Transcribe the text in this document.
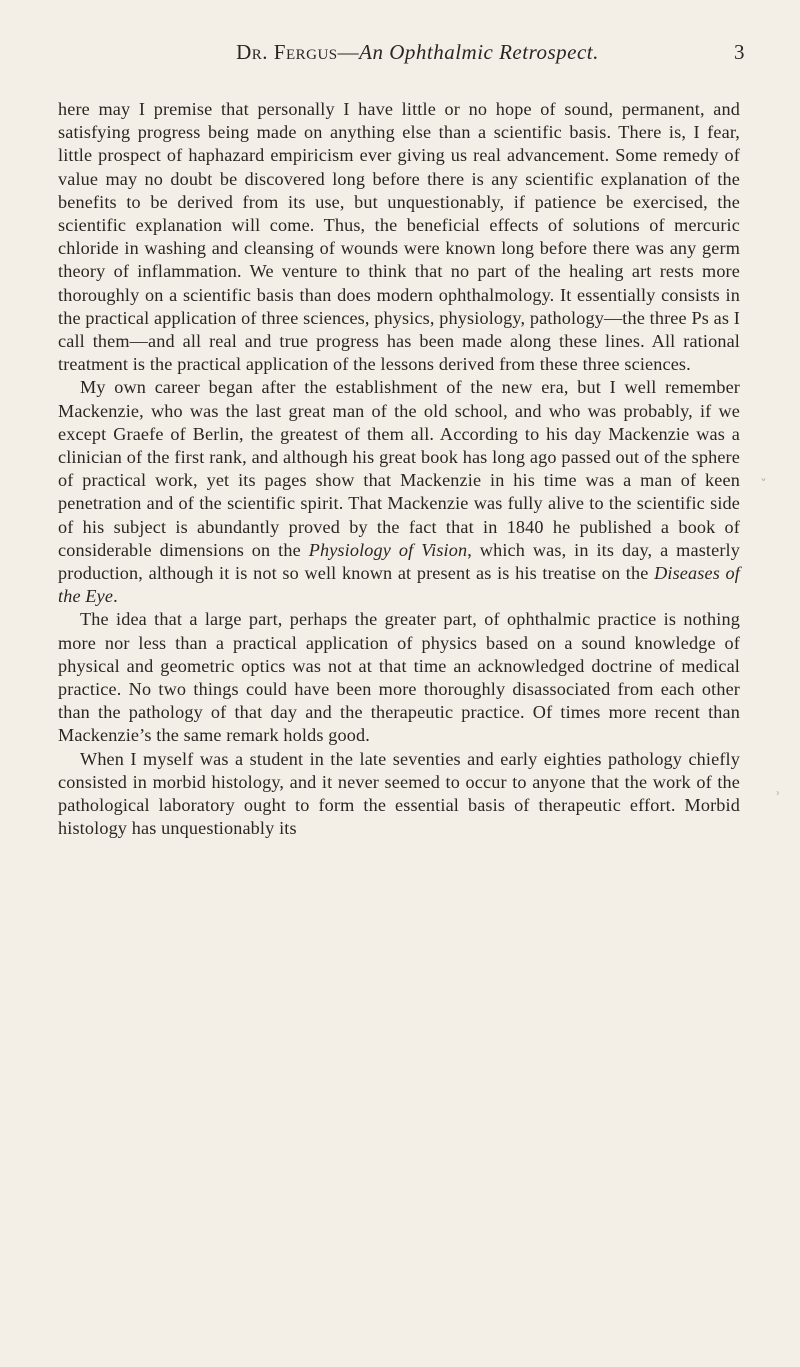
Dr. Fergus—An Ophthalmic Retrospect.	3

here may I premise that personally I have little or no hope of sound, permanent, and satisfying progress being made on anything else than a scientific basis. There is, I fear, little prospect of haphazard empiricism ever giving us real advancement. Some remedy of value may no doubt be discovered long before there is any scientific explanation of the benefits to be derived from its use, but unquestionably, if patience be exercised, the scientific explanation will come. Thus, the beneficial effects of solutions of mercuric chloride in washing and cleansing of wounds were known long before there was any germ theory of inflammation. We venture to think that no part of the healing art rests more thoroughly on a scientific basis than does modern ophthalmology. It essentially consists in the practical application of three sciences, physics, physiology, pathology—the three Ps as I call them—and all real and true progress has been made along these lines. All rational treatment is the practical application of the lessons derived from these three sciences.

My own career began after the establishment of the new era, but I well remember Mackenzie, who was the last great man of the old school, and who was probably, if we except Graefe of Berlin, the greatest of them all. According to his day Mackenzie was a clinician of the first rank, and although his great book has long ago passed out of the sphere of practical work, yet its pages show that Mackenzie in his time was a man of keen penetration and of the scientific spirit. That Mackenzie was fully alive to the scientific side of his subject is abundantly proved by the fact that in 1840 he published a book of considerable dimensions on the Physiology of Vision, which was, in its day, a masterly production, although it is not so well known at present as is his treatise on the Diseases of the Eye.

The idea that a large part, perhaps the greater part, of ophthalmic practice is nothing more nor less than a practical application of physics based on a sound knowledge of physical and geometric optics was not at that time an acknowledged doctrine of medical practice. No two things could have been more thoroughly disassociated from each other than the pathology of that day and the therapeutic practice. Of times more recent than Mackenzie’s the same remark holds good.

When I myself was a student in the late seventies and early eighties pathology chiefly consisted in morbid histology, and it never seemed to occur to anyone that the work of the pathological laboratory ought to form the essential basis of therapeutic effort. Morbid histology has unquestionably its

ˇ
ʾ
